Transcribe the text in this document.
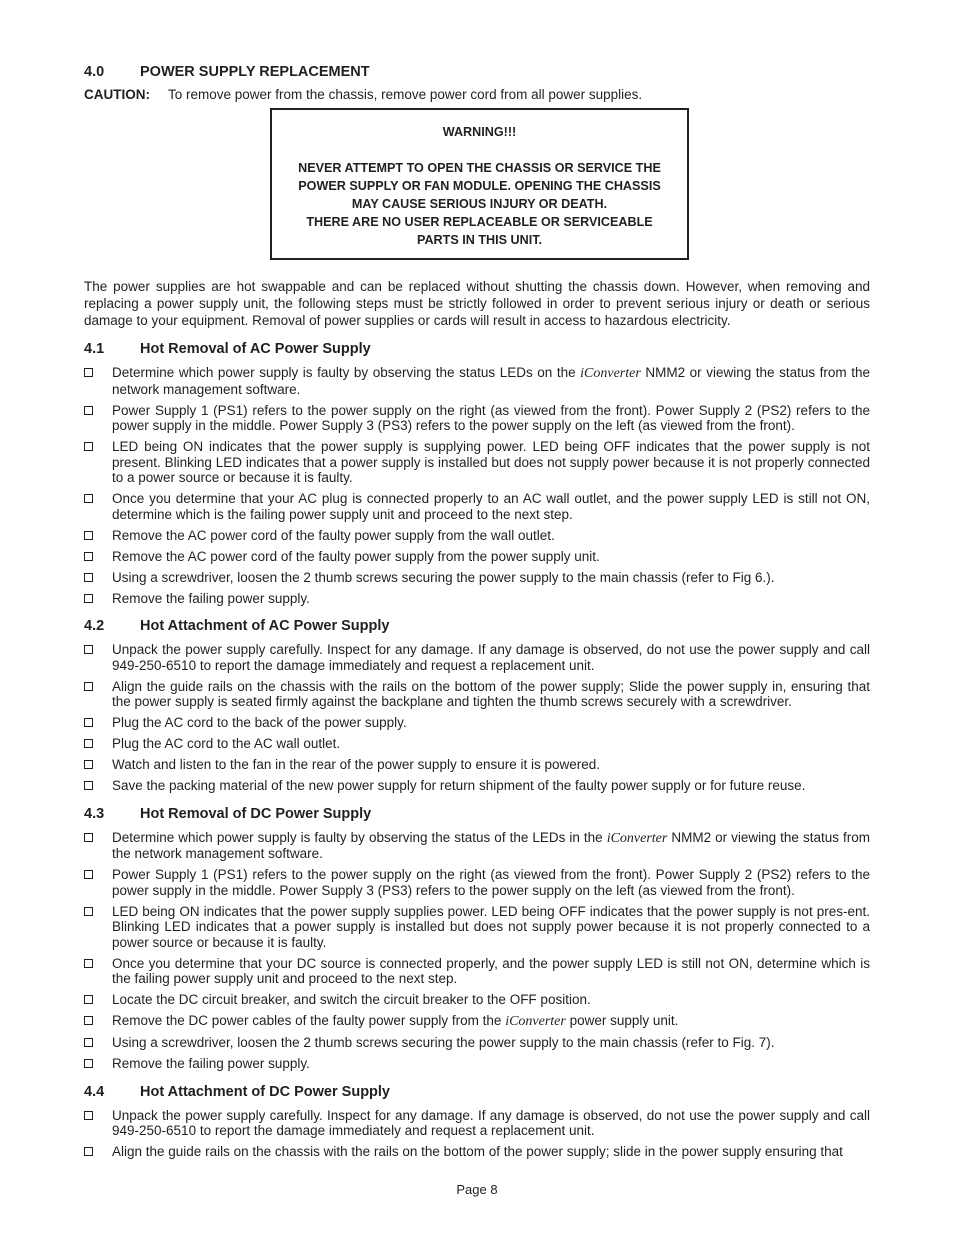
4.0	POWER SUPPLY REPLACEMENT
CAUTION:	To remove power from the chassis, remove power cord from all power supplies.
WARNING!!!
NEVER ATTEMPT TO OPEN THE CHASSIS OR SERVICE THE
POWER SUPPLY OR FAN MODULE. OPENING THE CHASSIS
MAY CAUSE SERIOUS INJURY OR DEATH.
THERE ARE NO USER REPLACEABLE OR SERVICEABLE
PARTS IN THIS UNIT.

The power supplies are hot swappable and can be replaced without shutting the chassis down. However, when removing and replacing a power supply unit, the following steps must be strictly followed in order to prevent serious injury or death or serious damage to your equipment. Removal of power supplies or cards will result in access to hazardous electricity.

4.1	Hot Removal of AC Power Supply
Determine which power supply is faulty by observing the status LEDs on the iConverter NMM2 or viewing the status from the network management software.
Power Supply 1 (PS1) refers to the power supply on the right (as viewed from the front). Power Supply 2 (PS2) refers to the power supply in the middle. Power Supply 3 (PS3) refers to the power supply on the left (as viewed from the front).
LED being ON indicates that the power supply is supplying power. LED being OFF indicates that the power supply is not present. Blinking LED indicates that a power supply is installed but does not supply power because it is not properly connected to a power source or because it is faulty.
Once you determine that your AC plug is connected properly to an AC wall outlet, and the power supply LED is still not ON, determine which is the failing power supply unit and proceed to the next step.
Remove the AC power cord of the faulty power supply from the wall outlet.
Remove the AC power cord of the faulty power supply from the power supply unit.
Using a screwdriver, loosen the 2 thumb screws securing the power supply to the main chassis (refer to Fig 6.).
Remove the failing power supply.
4.2	Hot Attachment of AC Power Supply
Unpack the power supply carefully. Inspect for any damage. If any damage is observed, do not use the power supply and call 949-250-6510 to report the damage immediately and request a replacement unit.
Align the guide rails on the chassis with the rails on the bottom of the power supply; Slide the power supply in, ensuring that the power supply is seated firmly against the backplane and tighten the thumb screws securely with a screwdriver.
Plug the AC cord to the back of the power supply.
Plug the AC cord to the AC wall outlet.
Watch and listen to the fan in the rear of the power supply to ensure it is powered.
Save the packing material of the new power supply for return shipment of the faulty power supply or for future reuse.
4.3	Hot Removal of DC Power Supply
Determine which power supply is faulty by observing the status of the LEDs in the iConverter NMM2 or viewing the status from the network management software.
Power Supply 1 (PS1) refers to the power supply on the right (as viewed from the front). Power Supply 2 (PS2) refers to the power supply in the middle. Power Supply 3 (PS3) refers to the power supply on the left (as viewed from the front).
LED being ON indicates that the power supply supplies power. LED being OFF indicates that the power supply is not pres-ent. Blinking LED indicates that a power supply is installed but does not supply power because it is not properly connected to a power source or because it is faulty.
Once you determine that your DC source is connected properly, and the power supply LED is still not ON, determine which is the failing power supply unit and proceed to the next step.
Locate the DC circuit breaker, and switch the circuit breaker to the OFF position.
Remove the DC power cables of the faulty power supply from the iConverter power supply unit.
Using a screwdriver, loosen the 2 thumb screws securing the power supply to the main chassis (refer to Fig. 7).
Remove the failing power supply.
4.4	Hot Attachment of DC Power Supply
Unpack the power supply carefully. Inspect for any damage. If any damage is observed, do not use the power supply and call 949-250-6510 to report the damage immediately and request a replacement unit.
Align the guide rails on the chassis with the rails on the bottom of the power supply; slide in the power supply ensuring that
Page 8
